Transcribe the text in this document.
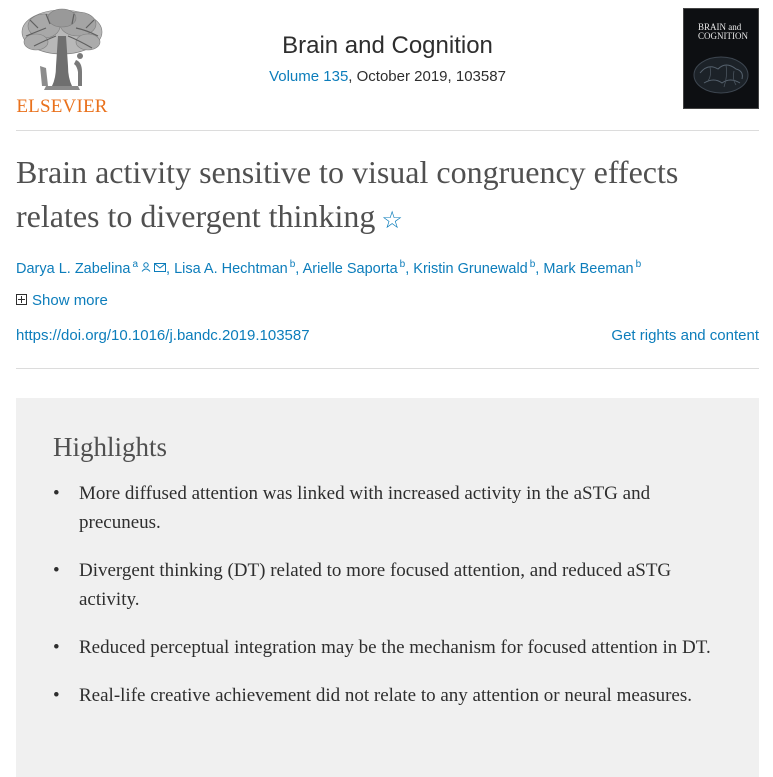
ELSEVIER
Brain and Cognition
Volume 135, October 2019, 103587
BRAIN and
COGNITION
Brain activity sensitive to visual congruency effects relates to divergent thinking ☆
Darya L. Zabelina $^a$ , Lisa A. Hechtman $^b$, Arielle Saporta $^b$, Kristin Grunewald $^b$, Mark Beeman $^b$
Show more
https://doi.org/10.1016/j.bandc.2019.103587	Get rights and content
Highlights
• More diffused attention was linked with increased activity in the aSTG and precuneus.
• Divergent thinking (DT) related to more focused attention, and reduced aSTG activity.
• Reduced perceptual integration may be the mechanism for focused attention in DT.
• Real-life creative achievement did not relate to any attention or neural measures.
